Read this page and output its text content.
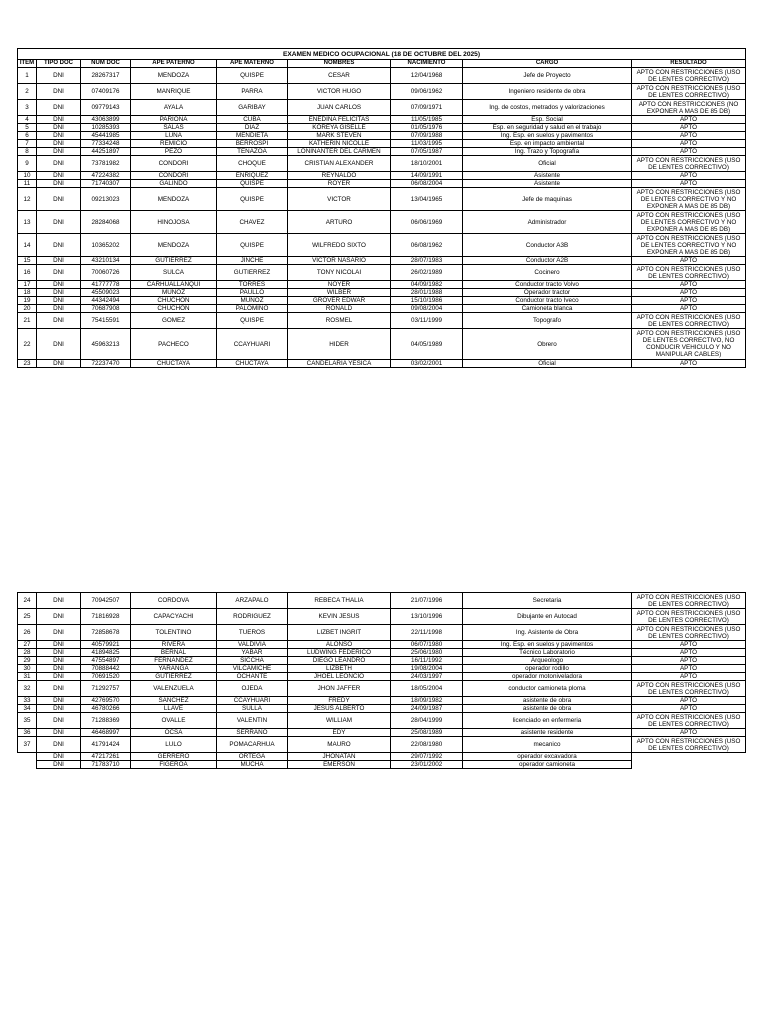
EXAMEN MEDICO OCUPACIONAL (18 DE OCTUBRE DEL 2025)								
ITEM	TIPO DOC	NUM DOC	APE PATERNO	APE MATERNO	NOMBRES	NACIMIENTO	CARGO	RESULTADO
1	DNI	28267317	MENDOZA	QUISPE	CESAR	12/04/1968	Jefe de Proyecto	APTO CON RESTRICCIONES (USO DE LENTES CORRECTIVO)
2	DNI	07409176	MANRIQUE	PARRA	VICTOR HUGO	09/06/1962	Ingeniero residente de obra	APTO CON RESTRICCIONES (USO DE LENTES CORRECTIVO)
3	DNI	09779143	AYALA	GARIBAY	JUAN CARLOS	07/09/1971	Ing. de costos, metrados y valorizaciones	APTO CON RESTRICCIONES (NO EXPONER A MAS DE 85 DB)
4	DNI	43063899	PARIONA	CUBA	ENEDINA FELICITAS	11/05/1985	Esp. Social	APTO
5	DNI	10285393	SALAS	DIAZ	KOREYA GISELLE	01/05/1976	Esp. en seguridad y salud en el trabajo	APTO
6	DNI	45441985	LUNA	MENDIETA	MARK STEVEN	07/09/1988	Ing. Esp. en suelos y pavimentos	APTO
7	DNI	77334248	REMICIO	BERROSPI	KATHERIN NICOLLE	11/03/1995	Esp. en impacto ambiental	APTO
8	DNI	44251897	PEZO	TENAZOA	LONINANTER DEL CARMEN	07/05/1987	Ing. Trazo y Topografía	APTO
9	DNI	73781982	CONDORI	CHOQUE	CRISTIAN ALEXANDER	18/10/2001	Oficial	APTO CON RESTRICCIONES (USO DE LENTES CORRECTIVO)
10	DNI	47224382	CONDORI	ENRIQUEZ	REYNALDO	14/09/1991	Asistente	APTO
11	DNI	71740307	GALINDO	QUISPE	ROYER	06/08/2004	Asistente	APTO
12	DNI	09213023	MENDOZA	QUISPE	VICTOR	13/04/1965	Jefe de maquinas	APTO CON RESTRICCIONES (USO DE LENTES CORRECTIVO Y NO EXPONER A MAS DE 85 DB)
13	DNI	28284068	HINOJOSA	CHAVEZ	ARTURO	06/06/1969	Administrador	APTO CON RESTRICCIONES (USO DE LENTES CORRECTIVO Y NO EXPONER A MAS DE 85 DB)
14	DNI	10365202	MENDOZA	QUISPE	WILFREDO SIXTO	06/08/1962	Conductor A3B	APTO CON RESTRICCIONES (USO DE LENTES CORRECTIVO Y NO EXPONER A MAS DE 85 DB)
15	DNI	43210134	GUTIERREZ	JINCHE	VICTOR NASARIO	28/07/1983	Conductor A2B	APTO
16	DNI	70060726	SULCA	GUTIERREZ	TONY NICOLAI	26/02/1989	Cocinero	APTO CON RESTRICCIONES (USO DE LENTES CORRECTIVO)
17	DNI	41777778	CARHUALLANQUI	TORRES	NOYER	04/09/1982	Conductor tracto Volvo	APTO
18	DNI	45509023	MUÑOZ	PAULLO	WILBER	28/01/1988	Operador tractor	APTO
19	DNI	44342494	CHUCHON	MUÑOZ	GROVER EDWAR	15/10/1986	Conductor tracto Iveco	APTO
20	DNI	70687908	CHUCHON	PALOMINO	RONALD	09/08/2004	Camioneta blanca	APTO
21	DNI	75415591	GOMEZ	QUISPE	ROSMEL	03/11/1999	Topografo	APTO CON RESTRICCIONES (USO DE LENTES CORRECTIVO)
22	DNI	45963213	PACHECO	CCAYHUARI	HIDER	04/05/1989	Obrero	APTO CON RESTRICCIONES (USO DE LENTES CORRECTIVO, NO CONDUCIR VEHICULO Y NO MANIPULAR CABLES)
23	DNI	72237470	CHUCTAYA	CHUCTAYA	CANDELARIA YESICA	03/02/2001	Oficial	APTO
24	DNI	70942507	CORDOVA	ARZAPALO	REBECA THALIA	21/07/1996	Secretaria	APTO CON RESTRICCIONES (USO DE LENTES CORRECTIVO)
25	DNI	71816928	CAPACYACHI	RODRIGUEZ	KEVIN JESUS	13/10/1996	Dibujante en Autocad	APTO CON RESTRICCIONES (USO DE LENTES CORRECTIVO)
26	DNI	72858678	TOLENTINO	TUEROS	LIZBET INGRIT	22/11/1998	Ing. Asistente de Obra	APTO CON RESTRICCIONES (USO DE LENTES CORRECTIVO)
27	DNI	40579921	RIVERA	VALDIVIA	ALONSO	06/07/1980	Ing. Esp. en suelos y pavimentos	APTO
28	DNI	41894825	BERNAL	YABAR	LUDWING FEDERICO	25/06/1980	Técnico Laboratorio	APTO
29	DNI	47554897	FERNANDEZ	SICCHA	DIEGO LEANDRO	16/11/1992	Arqueologo	APTO
30	DNI	70888442	YARANGA	VILCAMICHE	LIZBETH	19/08/2004	operador rodillo	APTO
31	DNI	70691520	GUTIERREZ	OCHANTE	JHOEL LEONCIO	24/03/1997	operador motoniveladora	APTO
32	DNI	71292757	VALENZUELA	OJEDA	JHON JAFFER	18/05/2004	conductor camioneta ploma	APTO CON RESTRICCIONES (USO DE LENTES CORRECTIVO)
33	DNI	42769570	SANCHEZ	CCAYHUARI	FREDY	18/09/1982	asistente de obra	APTO
34	DNI	46780266	LLAVE	SULLA	JESUS ALBERTO	24/09/1987	asistente de obra	APTO
35	DNI	71288369	OVALLE	VALENTIN	WILLIAM	28/04/1999	licenciado en enfermeria	APTO CON RESTRICCIONES (USO DE LENTES CORRECTIVO)
36	DNI	46468997	OCSA	SERRANO	EDY	25/08/1989	asistente residente	APTO
37	DNI	41791424	LULO	POMACARHUA	MAURO	22/08/1980	mecanico	APTO CON RESTRICCIONES (USO DE LENTES CORRECTIVO)
	DNI	47217261	GERRERO	ORTEGA	JHONATAN	29/07/1992	operador excavadora	
	DNI	71783710	FIGEROA	MUCHA	EMERSON	23/01/2002	operador camioneta	
